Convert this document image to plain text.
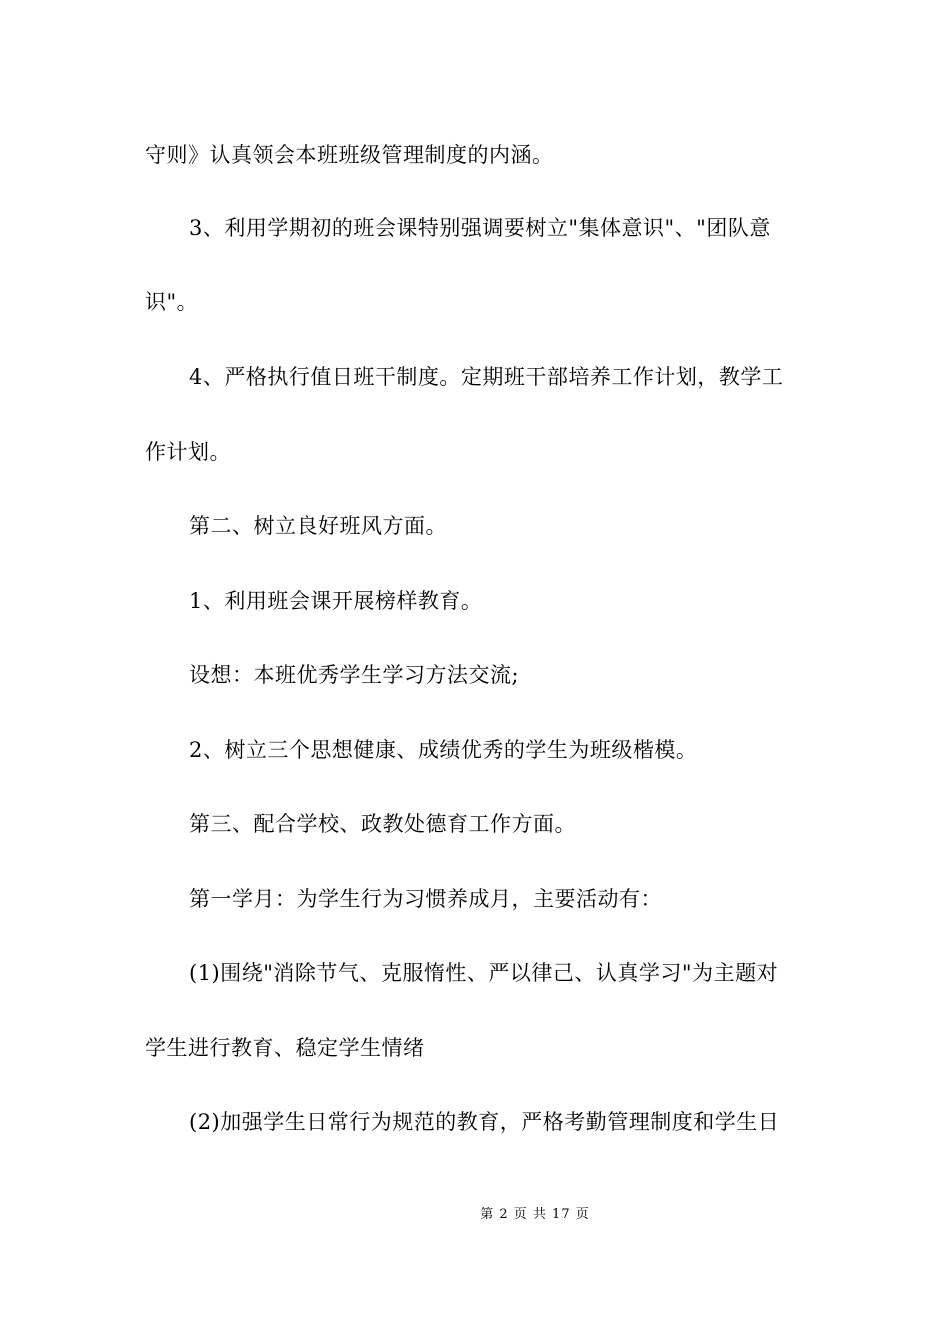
守则》认真领会本班班级管理制度的内涵。
3、利用学期初的班会课特别强调要树立"集体意识"、"团队意
识"。
4、严格执行值日班干制度。定期班干部培养工作计划，教学工
作计划。
第二、树立良好班风方面。
1、利用班会课开展榜样教育。
设想：本班优秀学生学习方法交流;
2、树立三个思想健康、成绩优秀的学生为班级楷模。
第三、配合学校、政教处德育工作方面。
第一学月：为学生行为习惯养成月，主要活动有：
(1)围绕"消除节气、克服惰性、严以律己、认真学习"为主题对
学生进行教育、稳定学生情绪
(2)加强学生日常行为规范的教育，严格考勤管理制度和学生日
第 2 页 共 17 页
